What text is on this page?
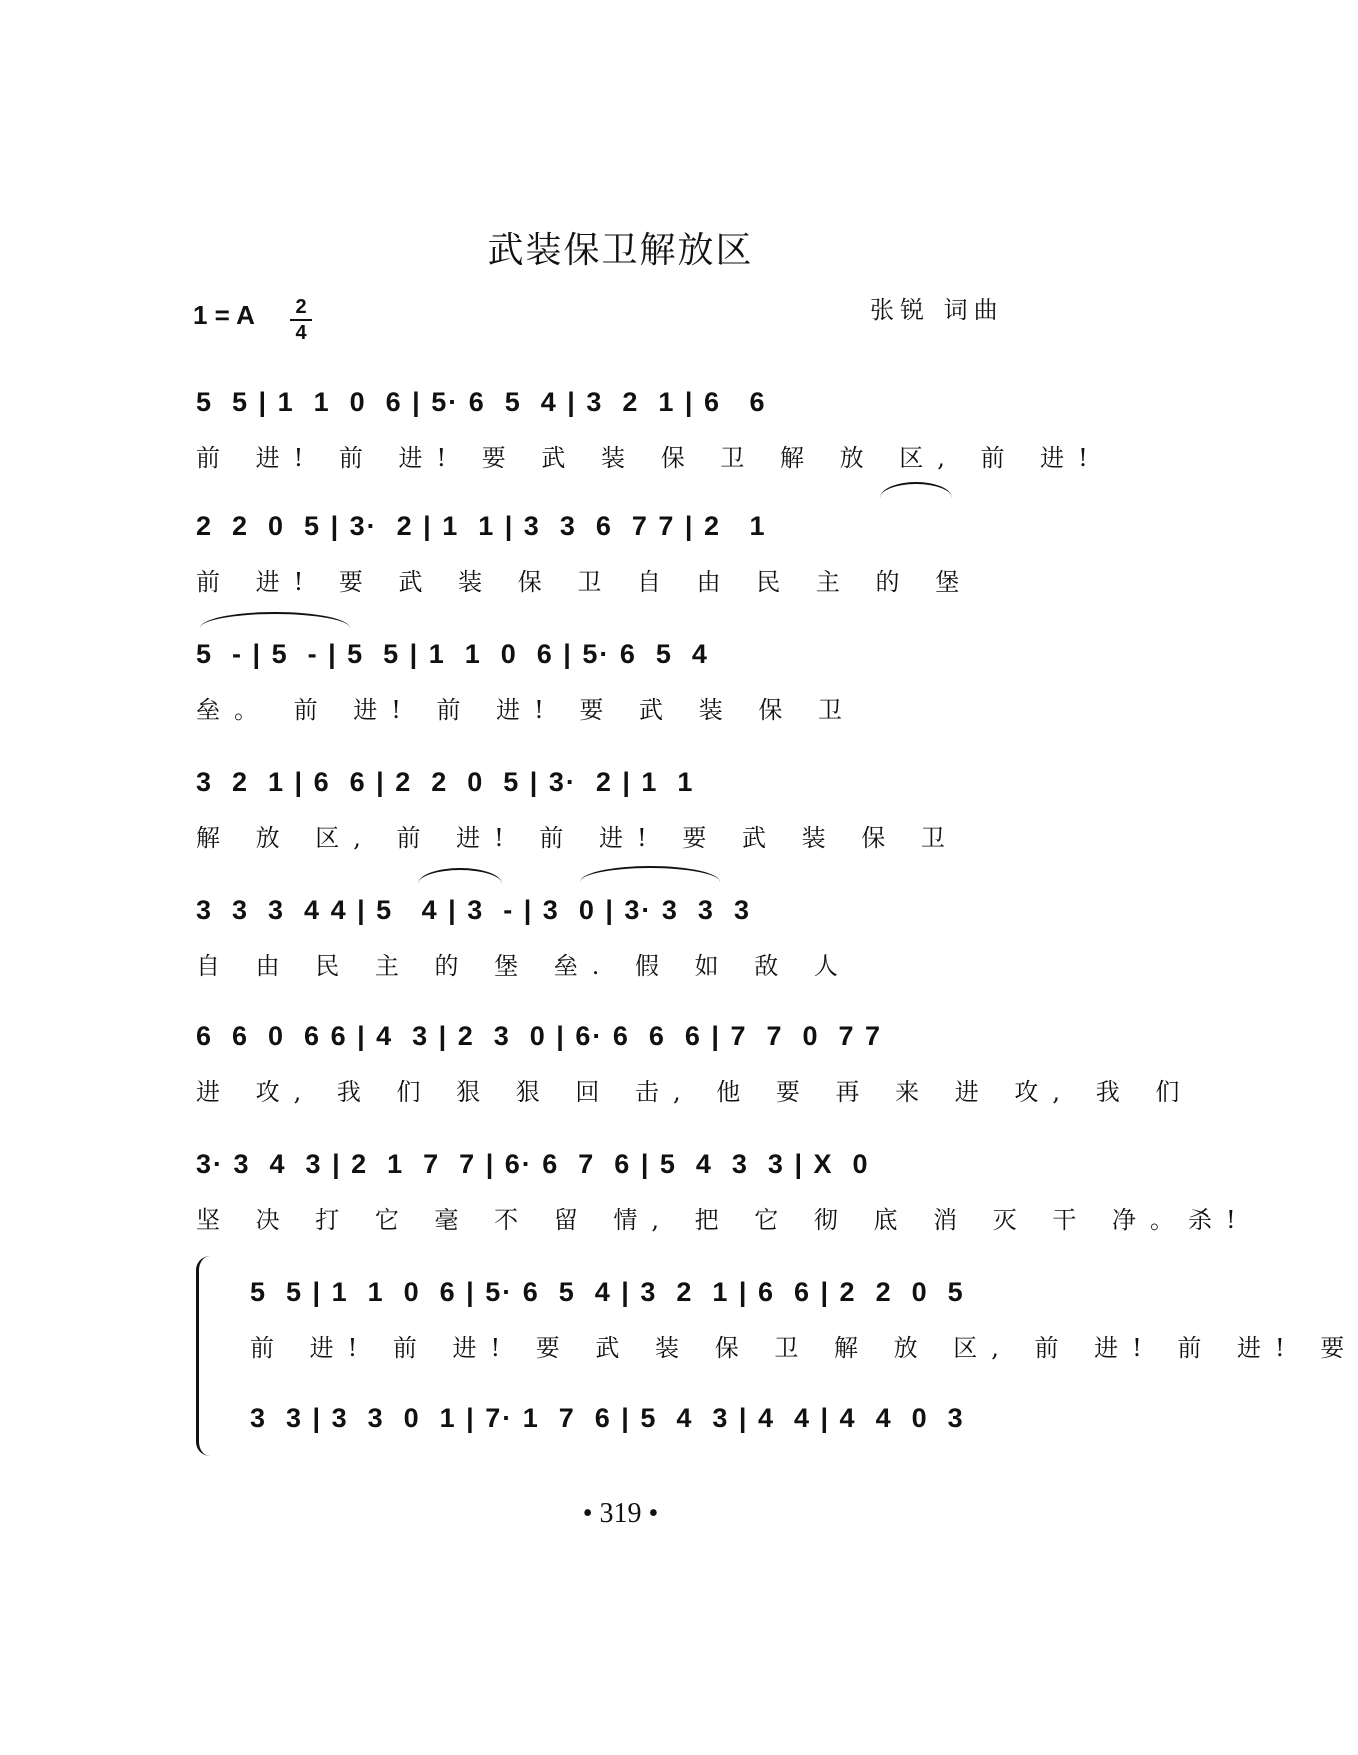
武装保卫解放区
1 = A 2
4
张锐 词曲
5  5 | 1  1  0  6 | 5· 6  5  4 | 3  2  1 | 6   6
前 进! 前 进! 要 武 装 保 卫 解 放 区, 前 进!
2  2  0  5 | 3·  2 | 1  1 | 3  3  6  7 7 | 2   1
前 进! 要 武 装 保 卫 自 由 民 主 的 堡
5  - | 5  - | 5  5 | 1  1  0  6 | 5· 6  5  4
垒。 前 进! 前 进! 要 武 装 保 卫
3  2  1 | 6  6 | 2  2  0  5 | 3·  2 | 1  1
解 放 区, 前 进! 前 进! 要 武 装 保 卫
3  3  3  4 4 | 5   4 | 3  - | 3  0 | 3· 3  3  3
自 由 民 主 的 堡 垒. 假 如 敌 人
6  6  0  6 6 | 4  3 | 2  3  0 | 6· 6  6  6 | 7  7  0  7 7
进 攻, 我 们 狠 狠 回 击, 他 要 再 来 进 攻, 我 们
3· 3  4  3 | 2  1  7  7 | 6· 6  7  6 | 5  4  3  3 | X  0
坚 决 打 它 毫 不 留 情, 把 它 彻 底 消 灭 干 净。杀!
5  5 | 1  1  0  6 | 5· 6  5  4 | 3  2  1 | 6  6 | 2  2  0  5
前 进! 前 进! 要 武 装 保 卫 解 放 区, 前 进! 前 进! 要
3  3 | 3  3  0  1 | 7· 1  7  6 | 5  4  3 | 4  4 | 4  4  0  3
• 319 •
